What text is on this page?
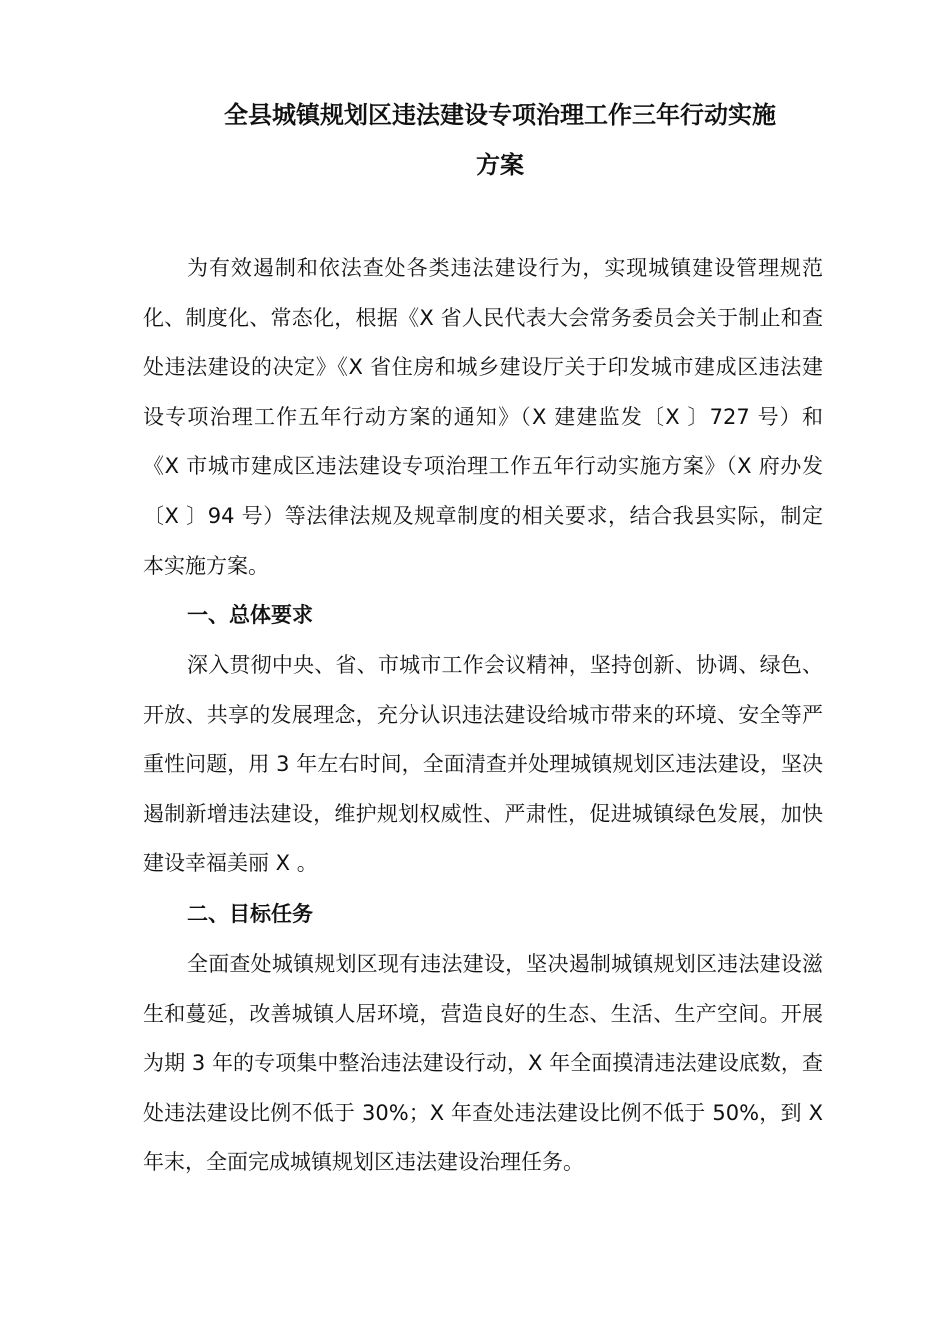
全县城镇规划区违法建设专项治理工作三年行动实施
方案

为有效遏制和依法查处各类违法建设行为，实现城镇建设管理规范化、制度化、常态化，根据《X 省人民代表大会常务委员会关于制止和查处违法建设的决定》《X 省住房和城乡建设厅关于印发城市建成区违法建设专项治理工作五年行动方案的通知》（X 建建监发〔X 〕727 号）和《X 市城市建成区违法建设专项治理工作五年行动实施方案》（X 府办发〔X 〕94 号）等法律法规及规章制度的相关要求，结合我县实际，制定本实施方案。

一、总体要求

深入贯彻中央、省、市城市工作会议精神，坚持创新、协调、绿色、开放、共享的发展理念，充分认识违法建设给城市带来的环境、安全等严重性问题，用 3 年左右时间，全面清查并处理城镇规划区违法建设，坚决遏制新增违法建设，维护规划权威性、严肃性，促进城镇绿色发展，加快建设幸福美丽 X 。

二、目标任务

全面查处城镇规划区现有违法建设，坚决遏制城镇规划区违法建设滋生和蔓延，改善城镇人居环境，营造良好的生态、生活、生产空间。开展为期 3 年的专项集中整治违法建设行动，X 年全面摸清违法建设底数，查处违法建设比例不低于 30%；X 年查处违法建设比例不低于 50%，到 X 年末，全面完成城镇规划区违法建设治理任务。
